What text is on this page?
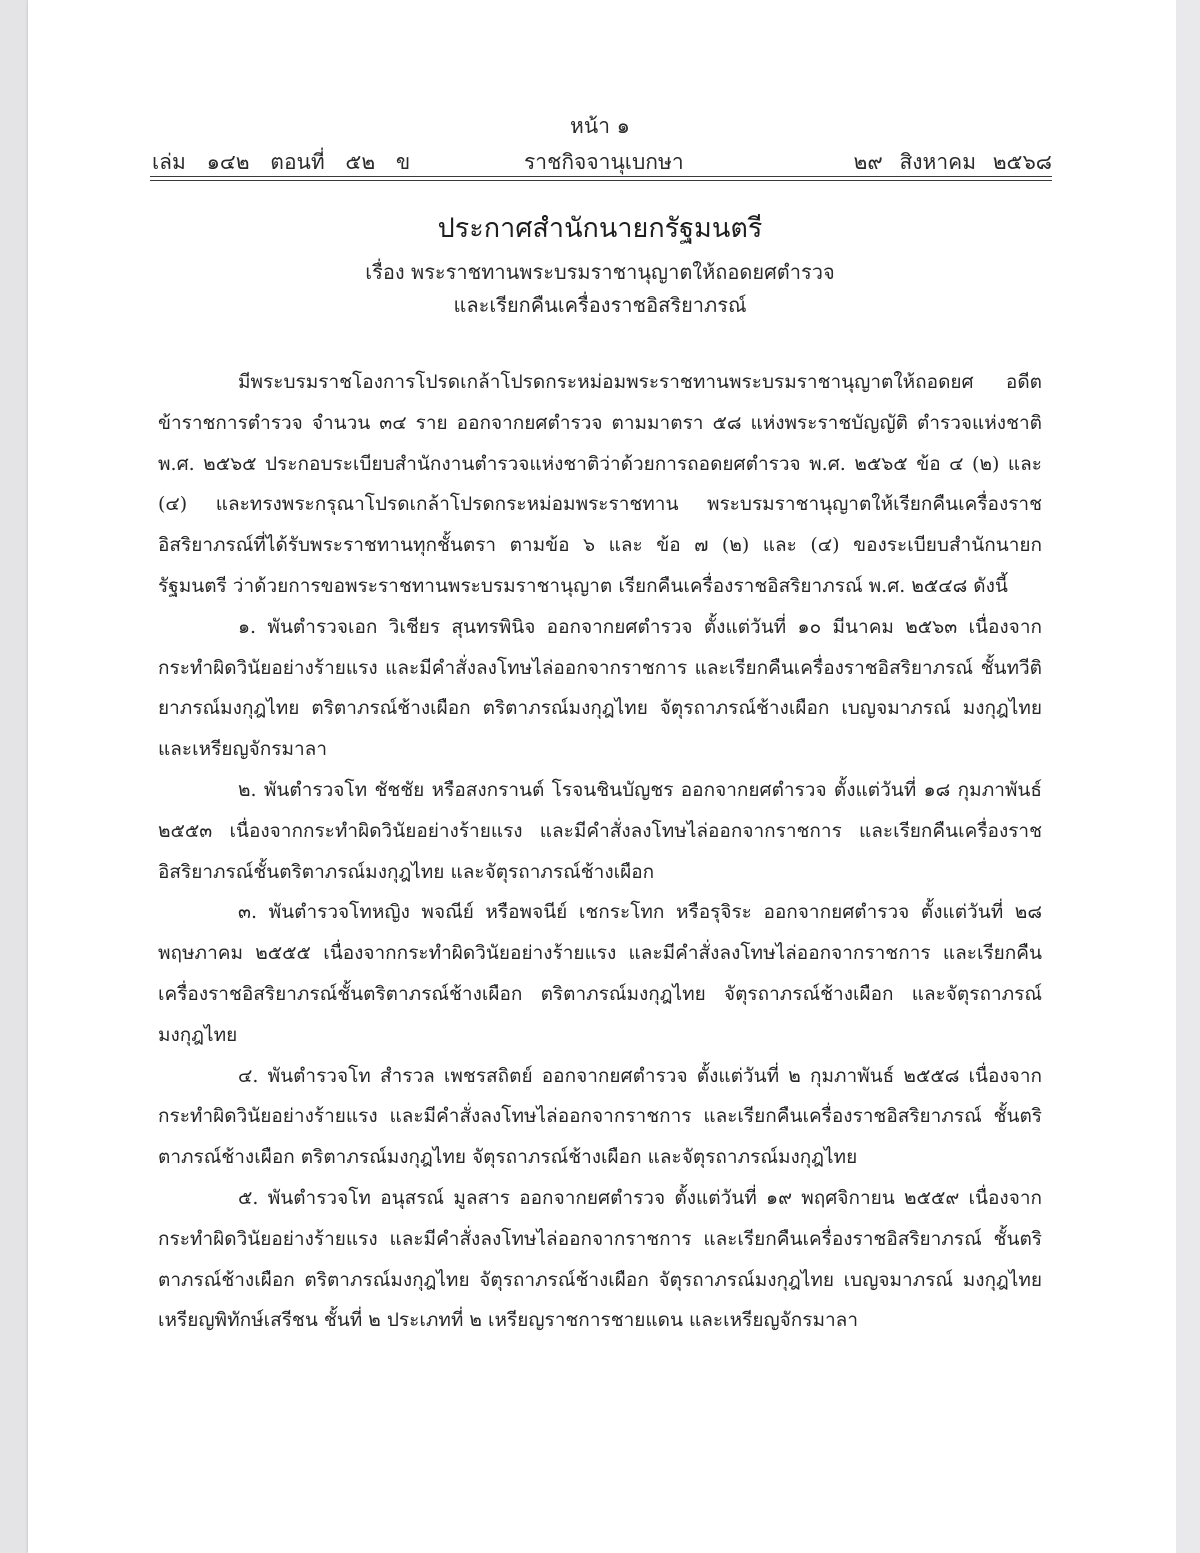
หน้า ๑
เล่ม ๑๔๒ ตอนที่ ๕๒ ข	ราชกิจจานุเบกษา	๒๙ สิงหาคม ๒๕๖๘
ประกาศสำนักนายกรัฐมนตรี
เรื่อง พระราชทานพระบรมราชานุญาตให้ถอดยศตำรวจ
และเรียกคืนเครื่องราชอิสริยาภรณ์

มีพระบรมราชโองการโปรดเกล้าโปรดกระหม่อมพระราชทานพระบรมราชานุญาตให้ถอดยศ อดีตข้าราชการตำรวจ จำนวน ๓๔ ราย ออกจากยศตำรวจ ตามมาตรา ๕๘ แห่งพระราชบัญญัติ ตำรวจแห่งชาติ พ.ศ. ๒๕๖๕ ประกอบระเบียบสำนักงานตำรวจแห่งชาติว่าด้วยการถอดยศตำรวจ พ.ศ. ๒๕๖๕ ข้อ ๔ (๒) และ (๔) และทรงพระกรุณาโปรดเกล้าโปรดกระหม่อมพระราชทาน พระบรมราชานุญาตให้เรียกคืนเครื่องราชอิสริยาภรณ์ที่ได้รับพระราชทานทุกชั้นตรา ตามข้อ ๖ และ ข้อ ๗ (๒) และ (๔) ของระเบียบสำนักนายกรัฐมนตรี ว่าด้วยการขอพระราชทานพระบรมราชานุญาต เรียกคืนเครื่องราชอิสริยาภรณ์ พ.ศ. ๒๕๔๘ ดังนี้

๑. พันตำรวจเอก วิเชียร สุนทรพินิจ ออกจากยศตำรวจ ตั้งแต่วันที่ ๑๐ มีนาคม ๒๕๖๓ เนื่องจากกระทำผิดวินัยอย่างร้ายแรง และมีคำสั่งลงโทษไล่ออกจากราชการ และเรียกคืนเครื่องราชอิสริยาภรณ์ ชั้นทวีติยาภรณ์มงกุฎไทย ตริตาภรณ์ช้างเผือก ตริตาภรณ์มงกุฎไทย จัตุรถาภรณ์ช้างเผือก เบญจมาภรณ์ มงกุฎไทย และเหรียญจักรมาลา

๒. พันตำรวจโท ชัชชัย หรือสงกรานต์ โรจนชินบัญชร ออกจากยศตำรวจ ตั้งแต่วันที่ ๑๘ กุมภาพันธ์ ๒๕๕๓ เนื่องจากกระทำผิดวินัยอย่างร้ายแรง และมีคำสั่งลงโทษไล่ออกจากราชการ และเรียกคืนเครื่องราชอิสริยาภรณ์ชั้นตริตาภรณ์มงกุฎไทย และจัตุรถาภรณ์ช้างเผือก

๓. พันตำรวจโทหญิง พจณีย์ หรือพจนีย์ เชกระโทก หรือรุจิระ ออกจากยศตำรวจ ตั้งแต่วันที่ ๒๘ พฤษภาคม ๒๕๕๕ เนื่องจากกระทำผิดวินัยอย่างร้ายแรง และมีคำสั่งลงโทษไล่ออกจากราชการ และเรียกคืนเครื่องราชอิสริยาภรณ์ชั้นตริตาภรณ์ช้างเผือก ตริตาภรณ์มงกุฎไทย จัตุรถาภรณ์ช้างเผือก และจัตุรถาภรณ์มงกุฎไทย

๔. พันตำรวจโท สำรวล เพชรสถิตย์ ออกจากยศตำรวจ ตั้งแต่วันที่ ๒ กุมภาพันธ์ ๒๕๕๘ เนื่องจากกระทำผิดวินัยอย่างร้ายแรง และมีคำสั่งลงโทษไล่ออกจากราชการ และเรียกคืนเครื่องราชอิสริยาภรณ์ ชั้นตริตาภรณ์ช้างเผือก ตริตาภรณ์มงกุฎไทย จัตุรถาภรณ์ช้างเผือก และจัตุรถาภรณ์มงกุฎไทย

๕. พันตำรวจโท อนุสรณ์ มูลสาร ออกจากยศตำรวจ ตั้งแต่วันที่ ๑๙ พฤศจิกายน ๒๕๕๙ เนื่องจากกระทำผิดวินัยอย่างร้ายแรง และมีคำสั่งลงโทษไล่ออกจากราชการ และเรียกคืนเครื่องราชอิสริยาภรณ์ ชั้นตริตาภรณ์ช้างเผือก ตริตาภรณ์มงกุฎไทย จัตุรถาภรณ์ช้างเผือก จัตุรถาภรณ์มงกุฎไทย เบญจมาภรณ์ มงกุฎไทย เหรียญพิทักษ์เสรีชน ชั้นที่ ๒ ประเภทที่ ๒ เหรียญราชการชายแดน และเหรียญจักรมาลา
